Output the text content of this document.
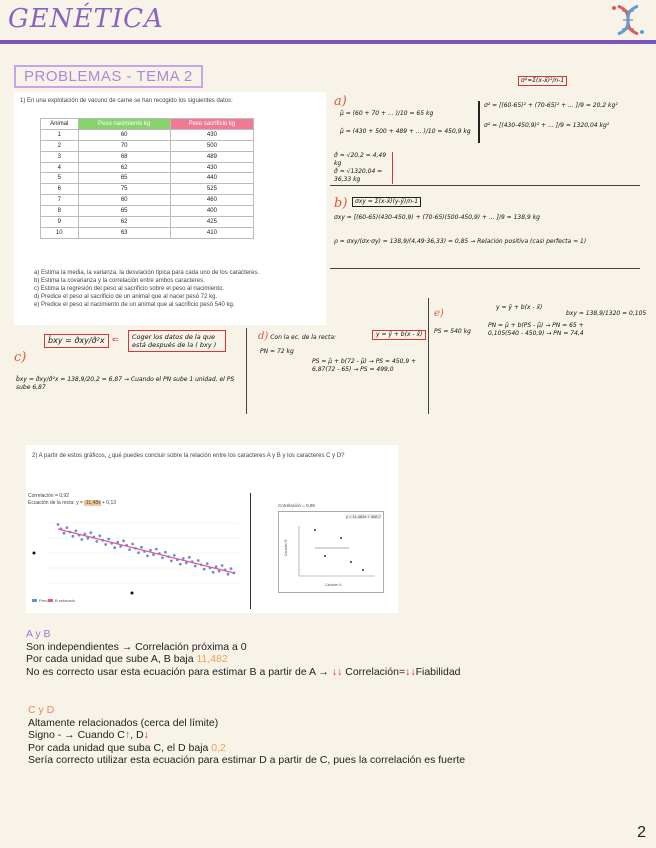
GENÉTICA
PROBLEMAS - TEMA 2
1) En una explotación de vacuno de carne se han recogido los siguientes datos:
Animal	Peso nacimiento kg	Peso sacrificio kg
1	60	430
2	70	500
3	68	489
4	62	430
5	65	440
6	75	525
7	60	460
8	65	400
9	62	425
10	63	410
a) Estima la media, la varianza, la desviación típica para cada uno de los caracteres.
b) Estima la covarianza y la correlación entre ambos caracteres.
c) Estima la regresión del peso al sacrificio sobre el peso al nacimiento.
d) Predice el peso al sacrificio de un animal que al nacer pesó 72 kg.
e) Predice el peso al nacimiento de un animal que al sacrificio pesó 540 kg.
a)
σ²=Σ(x-x̄)²/n-1
μ̂ = (60 + 70 + ... )/10 = 65 kg
μ̂ = (430 + 500 + 489 + ... )/10 = 450,9 kg
σ² = [(60-65)² + (70-65)² + ... ]/9 = 20,2 kg²
σ² = [(430-450,9)² + ... ]/9 = 1320,04 kg²
σ̂ = √20,2 = 4,49 kg
σ̂ = √1320,04 = 36,33 kg
b)	σxy = Σ(x-x̄)(y-ȳ)/n-1
σxy = [(60-65)(430-450,9) + (70-65)(500-450,9) + ... ]/9 = 138,9 kg
ρ = σxy/(σx·σy) = 138,9/(4,49·36,33) = 0,85 → Relación positiva (casi perfecta ≈ 1)
c)
b̂xy = σ̂xy/σ̂²x ⇐	Coger los datos de la que está después de la ( bxy )
b̂xy = σ̂xy/σ̂²x = 138,9/20,2 = 6,87 → Cuando el PN sube 1 unidad, el PS sube 6,87
d) Con la ec. de la recta:	y = ȳ + b(x - x̄)
PN = 72 kg
PS = μ̂ + b(72 - μ̂) → PS = 450,9 + 6,87(72 - 65) → PS = 499,0
e)
PS = 540 kg
y = ȳ + b(x - x̄)
bxy = 138,9/1320 = 0,105
PN = μ̂ + b(PS - μ̂) → PN = 65 + 0,105(540 - 450,9) → PN = 74,4
2) A partir de estos gráficos, ¿qué puedes concluir sobre la relación entre los caracteres A y B y los caracteres C y D?
Correlación = 0,92
Ecuación de la recta: y = -11,48x + 0,13
Pred B estimado
Correlación = 0,98
y = 11,482x + 368,7
Carácter B
Carácter A
A y B
Son independientes → Correlación próxima a 0
Por cada unidad que sube A, B baja 11,482
No es correcto usar esta ecuación para estimar B a partir de A → ↓↓ Correlación=↓↓Fiabilidad
C y D
Altamente relacionados (cerca del límite)
Signo - → Cuando C↑, D↓
Por cada unidad que suba C, el D baja 0,2
Sería correcto utilizar esta ecuación para estimar D a partir de C, pues la correlación es fuerte
2
